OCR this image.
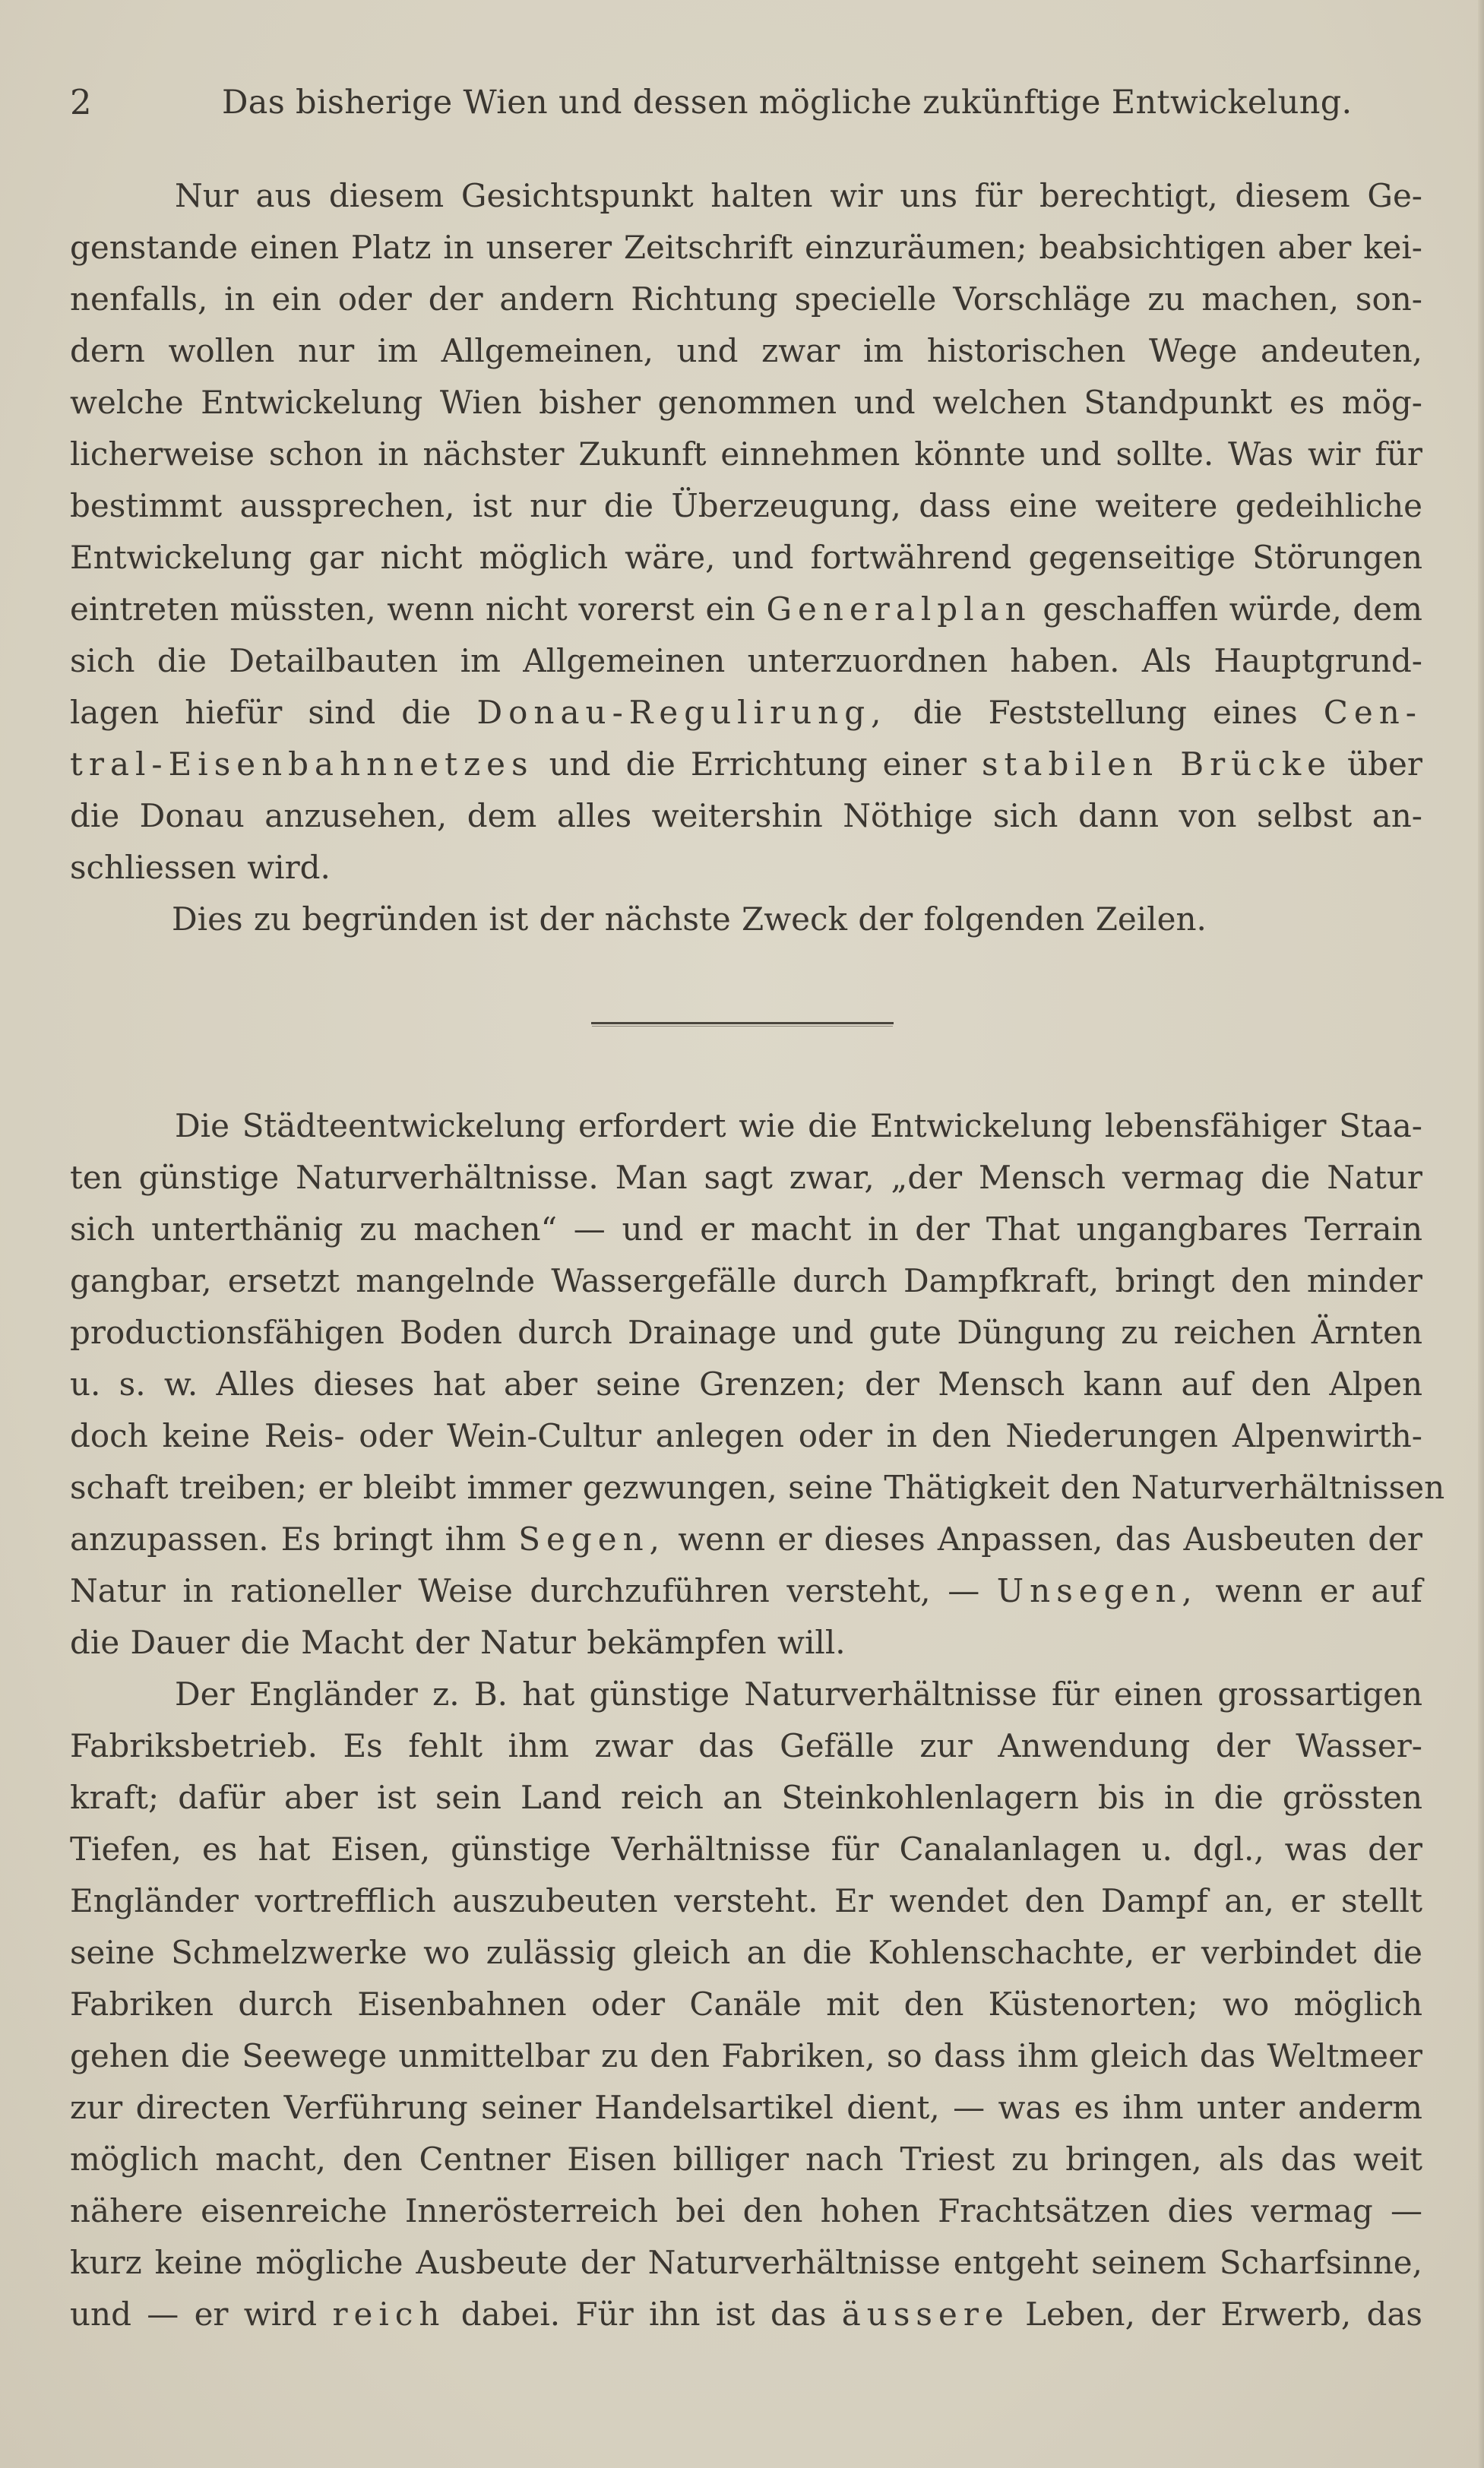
2	Das bisherige Wien und dessen mögliche zukünftige Entwickelung.
Nur aus diesem Gesichtspunkt halten wir uns für berechtigt, diesem Ge-
genstande einen Platz in unserer Zeitschrift einzuräumen; beabsichtigen aber kei-
nenfalls, in ein oder der andern Richtung specielle Vorschläge zu machen, son-
dern wollen nur im Allgemeinen, und zwar im historischen Wege andeuten,
welche Entwickelung Wien bisher genommen und welchen Standpunkt es mög-
licherweise schon in nächster Zukunft einnehmen könnte und sollte. Was wir für
bestimmt aussprechen, ist nur die Überzeugung, dass eine weitere gedeihliche
Entwickelung gar nicht möglich wäre, und fortwährend gegenseitige Störungen
eintreten müssten, wenn nicht vorerst ein Generalplan geschaffen würde, dem
sich die Detailbauten im Allgemeinen unterzuordnen haben. Als Hauptgrund-
lagen hiefür sind die Donau-Regulirung, die Feststellung eines Cen-
tral-Eisenbahnnetzes und die Errichtung einer stabilen Brücke über
die Donau anzusehen, dem alles weitershin Nöthige sich dann von selbst an-
schliessen wird.
Dies zu begründen ist der nächste Zweck der folgenden Zeilen.
Die Städteentwickelung erfordert wie die Entwickelung lebensfähiger Staa-
ten günstige Naturverhältnisse. Man sagt zwar, „der Mensch vermag die Natur
sich unterthänig zu machen“ — und er macht in der That ungangbares Terrain
gangbar, ersetzt mangelnde Wassergefälle durch Dampfkraft, bringt den minder
productionsfähigen Boden durch Drainage und gute Düngung zu reichen Ärnten
u. s. w. Alles dieses hat aber seine Grenzen; der Mensch kann auf den Alpen
doch keine Reis- oder Wein-Cultur anlegen oder in den Niederungen Alpenwirth-
schaft treiben; er bleibt immer gezwungen, seine Thätigkeit den Naturverhältnissen
anzupassen. Es bringt ihm Segen, wenn er dieses Anpassen, das Ausbeuten der
Natur in rationeller Weise durchzuführen versteht, — Unsegen, wenn er auf
die Dauer die Macht der Natur bekämpfen will.
Der Engländer z. B. hat günstige Naturverhältnisse für einen grossartigen
Fabriksbetrieb. Es fehlt ihm zwar das Gefälle zur Anwendung der Wasser-
kraft; dafür aber ist sein Land reich an Steinkohlenlagern bis in die grössten
Tiefen, es hat Eisen, günstige Verhältnisse für Canalanlagen u. dgl., was der
Engländer vortrefflich auszubeuten versteht. Er wendet den Dampf an, er stellt
seine Schmelzwerke wo zulässig gleich an die Kohlenschachte, er verbindet die
Fabriken durch Eisenbahnen oder Canäle mit den Küstenorten; wo möglich
gehen die Seewege unmittelbar zu den Fabriken, so dass ihm gleich das Weltmeer
zur directen Verführung seiner Handelsartikel dient, — was es ihm unter anderm
möglich macht, den Centner Eisen billiger nach Triest zu bringen, als das weit
nähere eisenreiche Innerösterreich bei den hohen Frachtsätzen dies vermag —
kurz keine mögliche Ausbeute der Naturverhältnisse entgeht seinem Scharfsinne,
und — er wird reich dabei. Für ihn ist das äussere Leben, der Erwerb, das
